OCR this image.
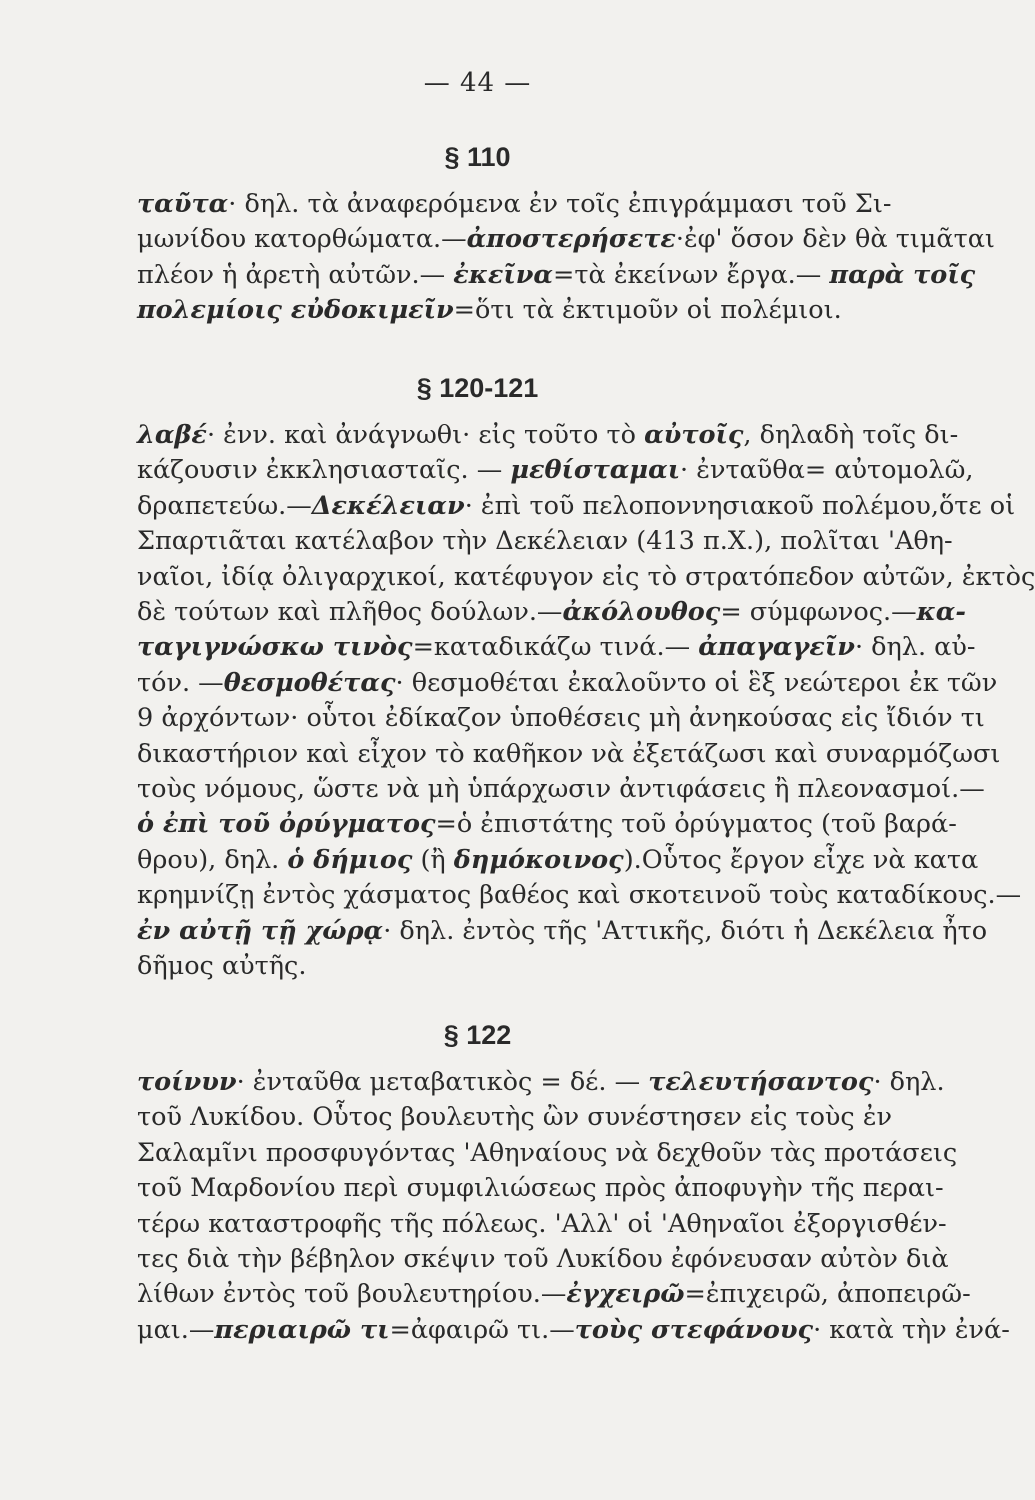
— 44 —
§ 110
ταῦτα· δηλ. τὰ ἀναφερόμενα ἐν τοῖς ἐπιγράμμασι τοῦ Σι-
μωνίδου κατορθώματα.—ἀποστερήσετε·ἐφ' ὅσον δὲν θὰ τιμᾶται
πλέον ἡ ἀρετὴ αὐτῶν.— ἐκεῖνα=τὰ ἐκείνων ἔργα.— παρὰ τοῖς
πολεμίοις εὐδοκιμεῖν=ὅτι τὰ ἐκτιμοῦν οἱ πολέμιοι.
§ 120-121
λαβέ· ἐνν. καὶ ἀνάγνωθι· εἰς τοῦτο τὸ αὐτοῖς, δηλαδὴ τοῖς δι-
κάζουσιν ἐκκλησιασταῖς. — μεθίσταμαι· ἐνταῦθα= αὐτομολῶ,
δραπετεύω.—Δεκέλειαν· ἐπὶ τοῦ πελοποννησιακοῦ πολέμου,ὅτε οἱ
Σπαρτιᾶται κατέλαβον τὴν Δεκέλειαν (413 π.Χ.), πολῖται 'Αθη-
ναῖοι, ἰδίᾳ ὀλιγαρχικοί, κατέφυγον εἰς τὸ στρατόπεδον αὐτῶν, ἐκτὸς
δὲ τούτων καὶ πλῆθος δούλων.—ἀκόλουθος= σύμφωνος.—κα-
ταγιγνώσκω τινὸς=καταδικάζω τινά.— ἀπαγαγεῖν· δηλ. αὐ-
τόν. —θεσμοθέτας· θεσμοθέται ἐκαλοῦντο οἱ ἓξ νεώτεροι ἐκ τῶν
9 ἀρχόντων· οὗτοι ἐδίκαζον ὑποθέσεις μὴ ἀνηκούσας εἰς ἴδιόν τι
δικαστήριον καὶ εἶχον τὸ καθῆκον νὰ ἐξετάζωσι καὶ συναρμόζωσι
τοὺς νόμους, ὥστε νὰ μὴ ὑπάρχωσιν ἀντιφάσεις ἢ πλεονασμοί.—
ὁ ἐπὶ τοῦ ὀρύγματος=ὁ ἐπιστάτης τοῦ ὀρύγματος (τοῦ βαρά-
θρου), δηλ. ὁ δήμιος (ἢ δημόκοινος).Οὗτος ἔργον εἶχε νὰ κατα
κρημνίζῃ ἐντὸς χάσματος βαθέος καὶ σκοτεινοῦ τοὺς καταδίκους.—
ἐν αὐτῇ τῇ χώρᾳ· δηλ. ἐντὸς τῆς 'Αττικῆς, διότι ἡ Δεκέλεια ἦτο
δῆμος αὐτῆς.
§ 122
τοίνυν· ἐνταῦθα μεταβατικὸς = δέ. — τελευτήσαντος· δηλ.
τοῦ Λυκίδου. Οὗτος βουλευτὴς ὢν συνέστησεν εἰς τοὺς ἐν
Σαλαμῖνι προσφυγόντας 'Αθηναίους νὰ δεχθοῦν τὰς προτάσεις
τοῦ Μαρδονίου περὶ συμφιλιώσεως πρὸς ἀποφυγὴν τῆς περαι-
τέρω καταστροφῆς τῆς πόλεως. 'Αλλ' οἱ 'Αθηναῖοι ἐξοργισθέν-
τες διὰ τὴν βέβηλον σκέψιν τοῦ Λυκίδου ἐφόνευσαν αὐτὸν διὰ
λίθων ἐντὸς τοῦ βουλευτηρίου.—ἐγχειρῶ=ἐπιχειρῶ, ἀποπειρῶ-
μαι.—περιαιρῶ τι=ἀφαιρῶ τι.—τοὺς στεφάνους· κατὰ τὴν ἐνά-
